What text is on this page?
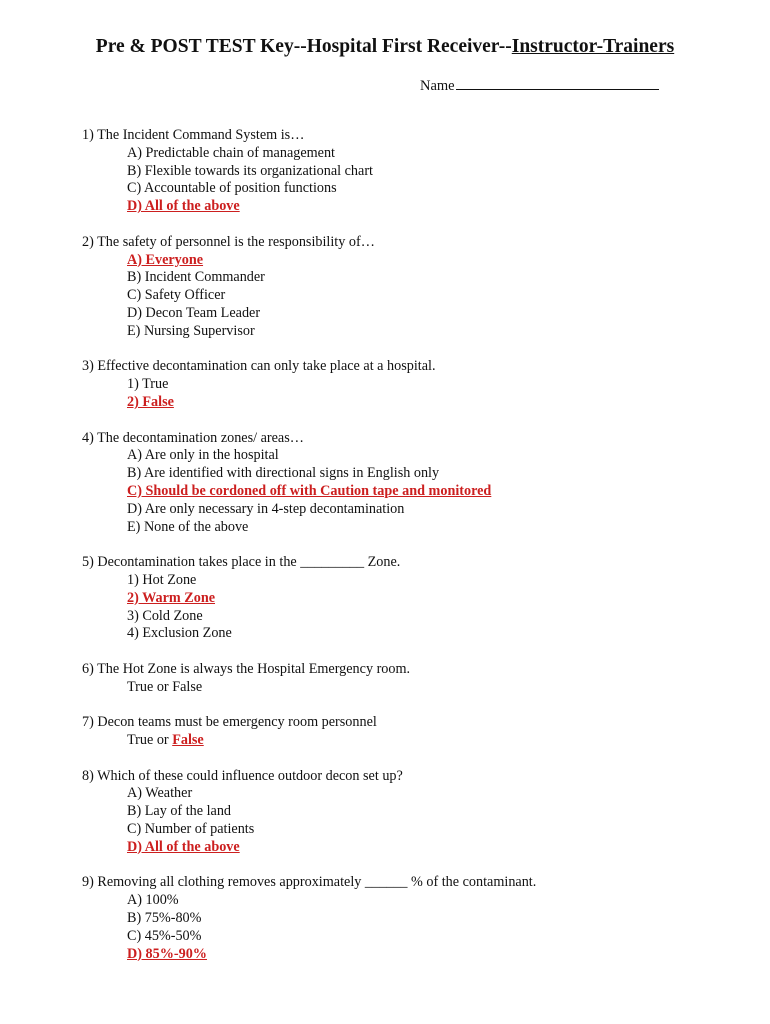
Pre & POST TEST Key--Hospital First Receiver--Instructor-Trainers
Name
1) The Incident Command System is…
A) Predictable chain of management
B) Flexible towards its organizational chart
C) Accountable of position functions
D) All of the above
2) The safety of personnel is the responsibility of…
A) Everyone
B) Incident Commander
C) Safety Officer
D) Decon Team Leader
E) Nursing Supervisor
3) Effective decontamination can only take place at a hospital.
1) True
2) False
4) The decontamination zones/ areas…
A) Are only in the hospital
B) Are identified with directional signs in English only
C) Should be cordoned off with Caution tape and monitored
D) Are only necessary in 4-step decontamination
E) None of the above
5) Decontamination takes place in the _________ Zone.
1) Hot Zone
2) Warm Zone
3) Cold Zone
4) Exclusion Zone
6) The Hot Zone is always the Hospital Emergency room.
True or False
7) Decon teams must be emergency room personnel
True or False
8) Which of these could influence outdoor decon set up?
A) Weather
B) Lay of the land
C) Number of patients
D) All of the above
9) Removing all clothing removes approximately ______ % of the contaminant.
A) 100%
B) 75%-80%
C) 45%-50%
D) 85%-90%
